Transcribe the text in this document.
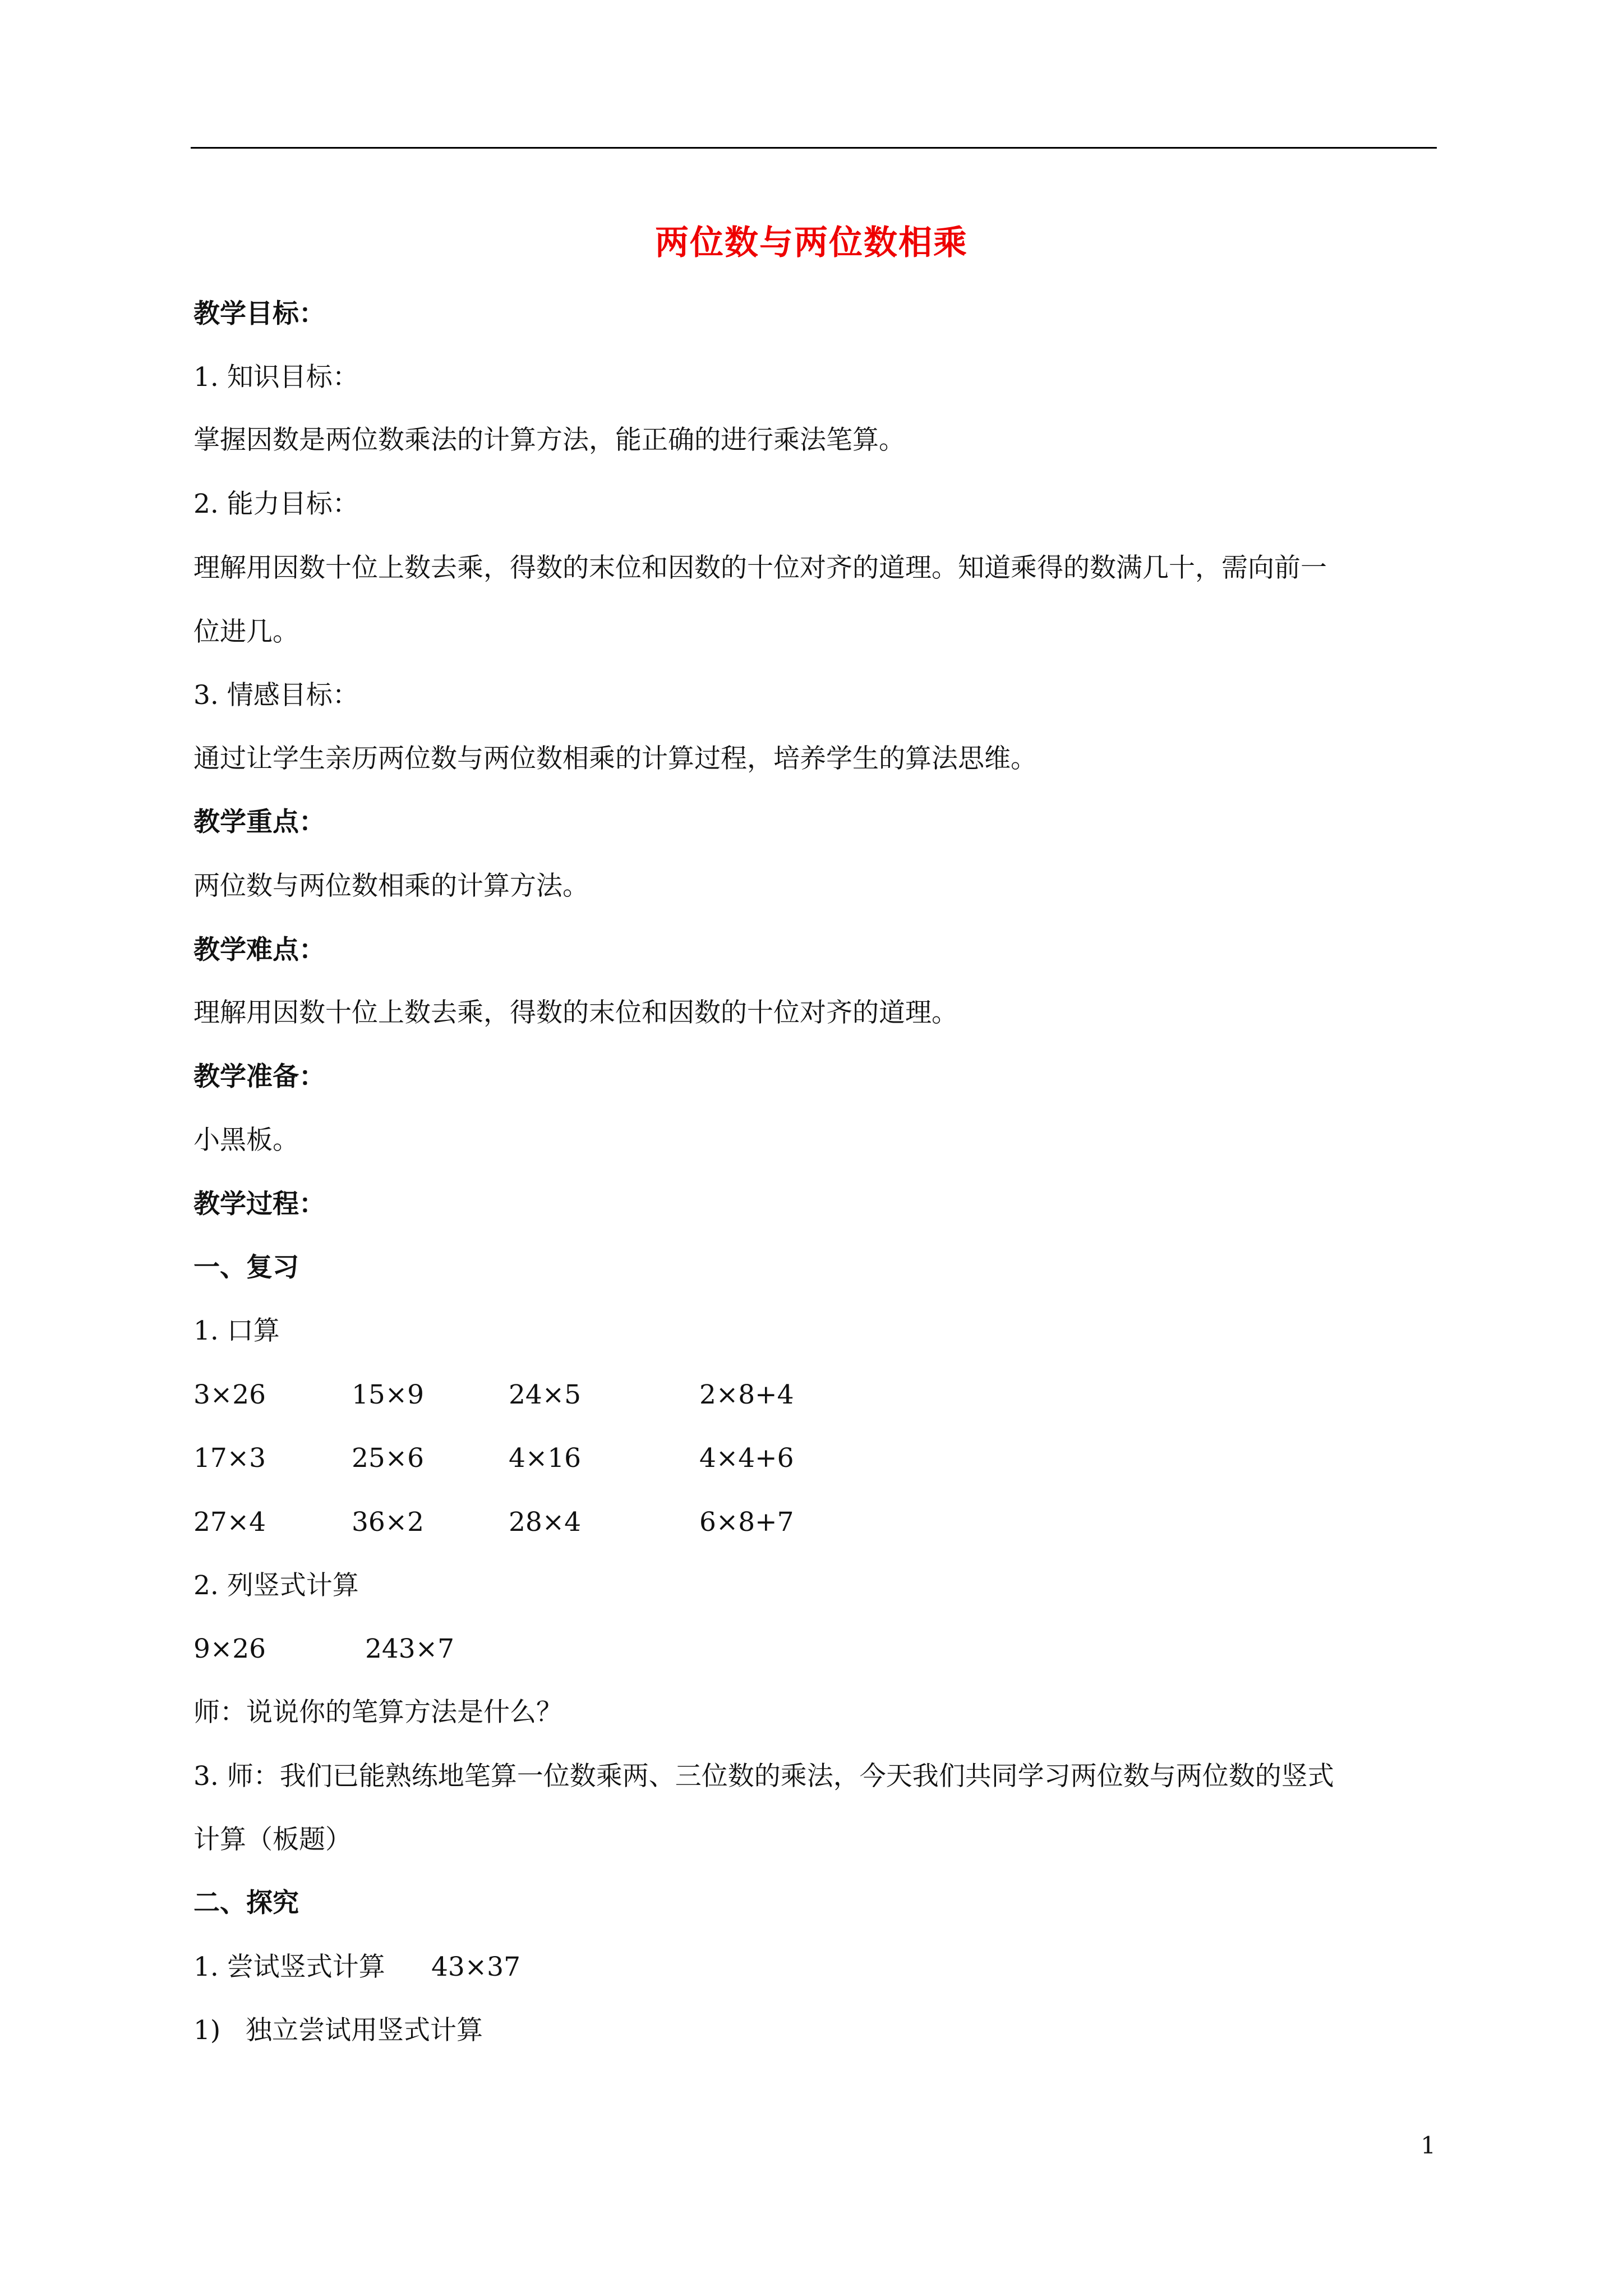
两位数与两位数相乘
教学目标：
1. 知识目标：
掌握因数是两位数乘法的计算方法，能正确的进行乘法笔算。
2. 能力目标：
理解用因数十位上数去乘，得数的末位和因数的十位对齐的道理。知道乘得的数满几十，需向前一
位进几。
3. 情感目标：
通过让学生亲历两位数与两位数相乘的计算过程，培养学生的算法思维。
教学重点：
两位数与两位数相乘的计算方法。
教学难点：
理解用因数十位上数去乘，得数的末位和因数的十位对齐的道理。
教学准备：
小黑板。
教学过程：
一、复习
1. 口算
3×26	15×9	24×5	2×8+4
17×3	25×6	4×16	4×4+6
27×4	36×2	28×4	6×8+7
2. 列竖式计算
9×26	243×7
师：说说你的笔算方法是什么？
3. 师：我们已能熟练地笔算一位数乘两、三位数的乘法，今天我们共同学习两位数与两位数的竖式
计算（板题）
二、探究
1. 尝试竖式计算	43×37
1)   独立尝试用竖式计算
1
